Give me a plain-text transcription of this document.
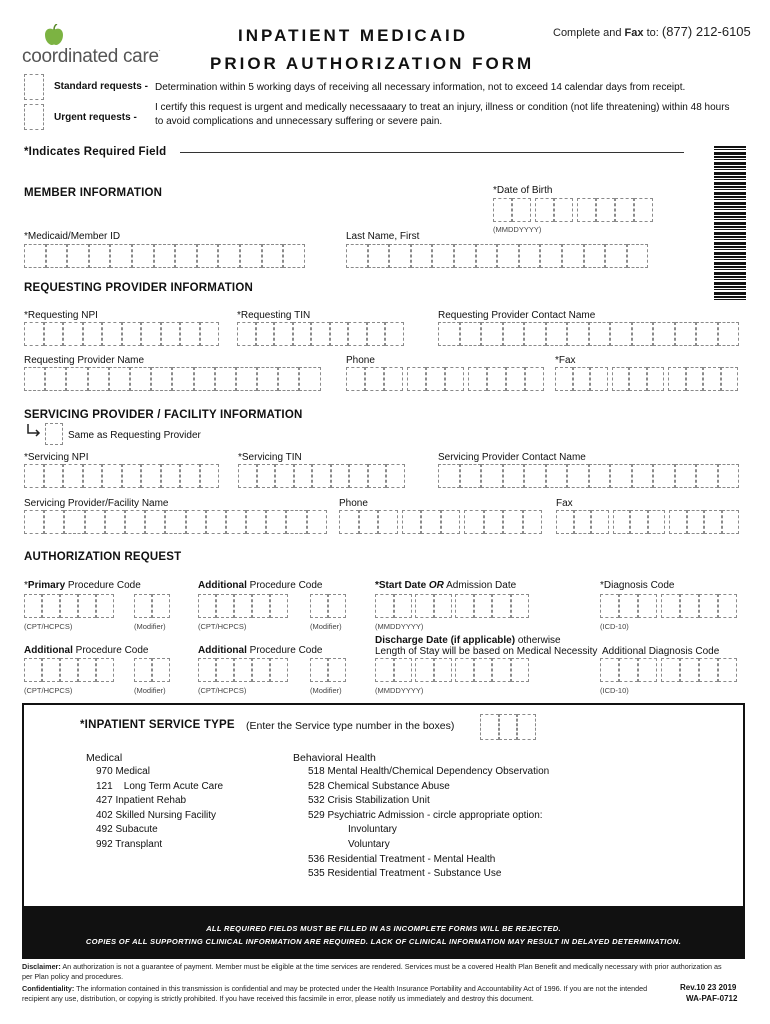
coordinated care.
INPATIENT MEDICAID
PRIOR AUTHORIZATION FORM
Complete and Fax to: (877) 212-6105
Standard requests - Determination within 5 working days of receiving all necessary information, not to exceed 14 calendar days from receipt.
Urgent requests -
I certify this request is urgent and medically necessaaary to treat an injury, illness or condition (not life threatening) within 48 hours
to avoid complications and unnecessary suffering or severe pain.
*Indicates Required Field
MEMBER INFORMATION	*Date of Birth
(MMDDYYYY)
*Medicaid/Member ID	Last Name, First
REQUESTING PROVIDER INFORMATION
*Requesting NPI	*Requesting TIN	Requesting Provider Contact Name
Requesting Provider Name	Phone	*Fax
SERVICING PROVIDER / FACILITY INFORMATION
Same as Requesting Provider
*Servicing NPI	*Servicing TIN	Servicing Provider Contact Name
Servicing Provider/Facility Name	Phone	Fax
AUTHORIZATION REQUEST
*Primary Procedure Code
(CPT/HCPCS)	(Modifier)
Additional Procedure Code
(CPT/HCPCS)	(Modifier)
*Start Date OR Admission Date
(MMDDYYYY)
*Diagnosis Code
(ICD-10)
Additional Procedure Code
(CPT/HCPCS)	(Modifier)
Additional Procedure Code
(CPT/HCPCS)	(Modifier)
Discharge Date (if applicable) otherwise
Length of Stay will be based on Medical Necessity
(MMDDYYYY)
Additional Diagnosis Code
(ICD-10)
*INPATIENT SERVICE TYPE (Enter the Service type number in the boxes)
Medical
970 Medical
121    Long Term Acute Care
427 Inpatient Rehab
402 Skilled Nursing Facility
492 Subacute
992 Transplant
Behavioral Health
518 Mental Health/Chemical Dependency Observation
528 Chemical Substance Abuse
532 Crisis Stabilization Unit
529 Psychiatric Admission - circle appropriate option:
Involuntary
Voluntary
536 Residential Treatment - Mental Health
535 Residential Treatment - Substance Use
ALL REQUIRED FIELDS MUST BE FILLED IN AS INCOMPLETE FORMS WILL BE REJECTED.
COPIES OF ALL SUPPORTING CLINICAL INFORMATION ARE REQUIRED. LACK OF CLINICAL INFORMATION MAY RESULT IN DELAYED DETERMINATION.
Disclaimer: An authorization is not a guarantee of payment. Member must be eligible at the time services are rendered. Services must be a covered Health Plan Benefit and medically necessary with prior authorization as per Plan policy and procedures.
Confidentiality: The information contained in this transmission is confidential and may be protected under the Health Insurance Portability and Accountability Act of 1996. If you are not the intended recipient any use, distribution, or copying is strictly prohibited. If you have received this facsimile in error, please notify us immediately and destroy this document.
Rev.10 23 2019
WA-PAF-0712
